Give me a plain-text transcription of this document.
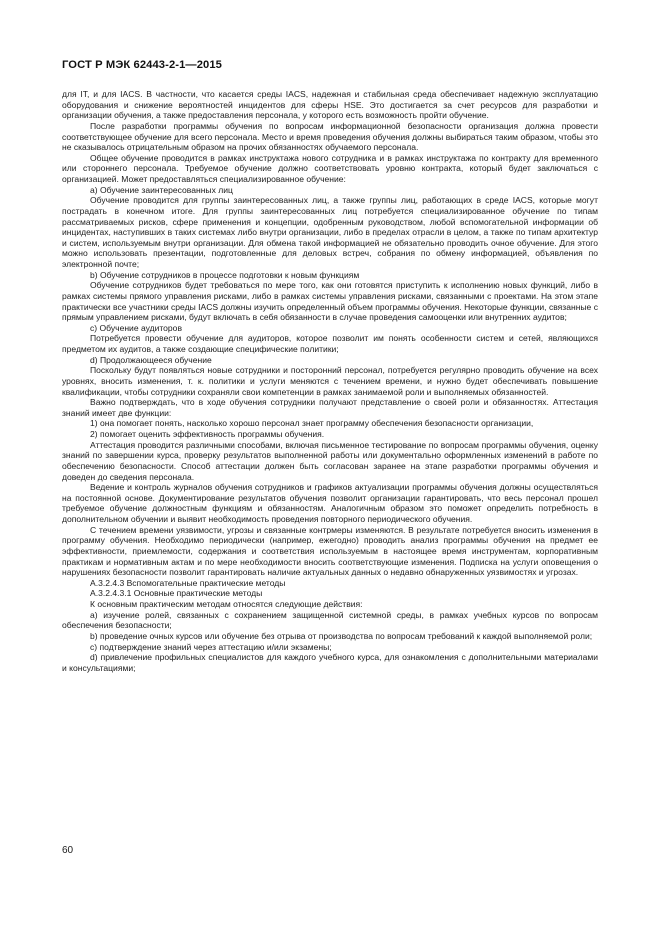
ГОСТ Р МЭК 62443-2-1—2015

для IT, и для IACS. В частности, что касается среды IACS, надежная и стабильная среда обеспечивает надежную эксплуатацию оборудования и снижение вероятностей инцидентов для сферы HSE. Это достигается за счет ресурсов для разработки и организации обучения, а также предоставления персонала, у которого есть возможность пройти обучение.

После разработки программы обучения по вопросам информационной безопасности организация должна провести соответствующее обучение для всего персонала. Место и время проведения обучения должны выбираться таким образом, чтобы это не сказывалось отрицательным образом на прочих обязанностях обучаемого персонала.

Общее обучение проводится в рамках инструктажа нового сотрудника и в рамках инструктажа по контракту для временного или стороннего персонала. Требуемое обучение должно соответствовать уровню контракта, который будет заключаться с организацией. Может предоставляться специализированное обучение:

a) Обучение заинтересованных лиц

Обучение проводится для группы заинтересованных лиц, а также группы лиц, работающих в среде IACS, которые могут пострадать в конечном итоге. Для группы заинтересованных лиц потребуется специализированное обучение по типам рассматриваемых рисков, сфере применения и концепции, одобренным руководством, любой вспомогательной информации об инцидентах, наступивших в таких системах либо внутри организации, либо в пределах отрасли в целом, а также по типам архитектур и систем, используемым внутри организации. Для обмена такой информацией не обязательно проводить очное обучение. Для этого можно использовать презентации, подготовленные для деловых встреч, собрания по обмену информацией, объявления по электронной почте;

b) Обучение сотрудников в процессе подготовки к новым функциям

Обучение сотрудников будет требоваться по мере того, как они готовятся приступить к исполнению новых функций, либо в рамках системы прямого управления рисками, либо в рамках системы управления рисками, связанными с проектами. На этом этапе практически все участники среды IACS должны изучить определенный объем программы обучения. Некоторые функции, связанные с прямым управлением рисками, будут включать в себя обязанности в случае проведения самооценки или внутренних аудитов;

c) Обучение аудиторов

Потребуется провести обучение для аудиторов, которое позволит им понять особенности систем и сетей, являющихся предметом их аудитов, а также создающие специфические политики;

d) Продолжающееся обучение

Поскольку будут появляться новые сотрудники и посторонний персонал, потребуется регулярно проводить обучение на всех уровнях, вносить изменения, т. к. политики и услуги меняются с течением времени, и нужно будет обеспечивать повышение квалификации, чтобы сотрудники сохраняли свои компетенции в рамках занимаемой роли и выполняемых обязанностей.

Важно подтверждать, что в ходе обучения сотрудники получают представление о своей роли и обязанностях. Аттестация знаний имеет две функции:

1) она помогает понять, насколько хорошо персонал знает программу обеспечения безопасности организации,

2) помогает оценить эффективность программы обучения.

Аттестация проводится различными способами, включая письменное тестирование по вопросам программы обучения, оценку знаний по завершении курса, проверку результатов выполненной работы или документально оформленных изменений в работе по обеспечению безопасности. Способ аттестации должен быть согласован заранее на этапе разработки программы обучения и доведен до сведения персонала.

Ведение и контроль журналов обучения сотрудников и графиков актуализации программы обучения должны осуществляться на постоянной основе. Документирование результатов обучения позволит организации гарантировать, что весь персонал прошел требуемое обучение должностным функциям и обязанностям. Аналогичным образом это поможет определить потребность в дополнительном обучении и выявит необходимость проведения повторного периодического обучения.

С течением времени уязвимости, угрозы и связанные контрмеры изменяются. В результате потребуется вносить изменения в программу обучения. Необходимо периодически (например, ежегодно) проводить анализ программы обучения на предмет ее эффективности, приемлемости, содержания и соответствия используемым в настоящее время инструментам, корпоративным практикам и нормативным актам и по мере необходимости вносить соответствующие изменения. Подписка на услуги оповещения о нарушениях безопасности позволит гарантировать наличие актуальных данных о недавно обнаруженных уязвимостях и угрозах.

А.3.2.4.3 Вспомогательные практические методы

А.3.2.4.3.1 Основные практические методы

К основным практическим методам относятся следующие действия:

a) изучение ролей, связанных с сохранением защищенной системной среды, в рамках учебных курсов по вопросам обеспечения безопасности;

b) проведение очных курсов или обучение без отрыва от производства по вопросам требований к каждой выполняемой роли;

c) подтверждение знаний через аттестацию и/или экзамены;

d) привлечение профильных специалистов для каждого учебного курса, для ознакомления с дополнительными материалами и консультациями;

60
